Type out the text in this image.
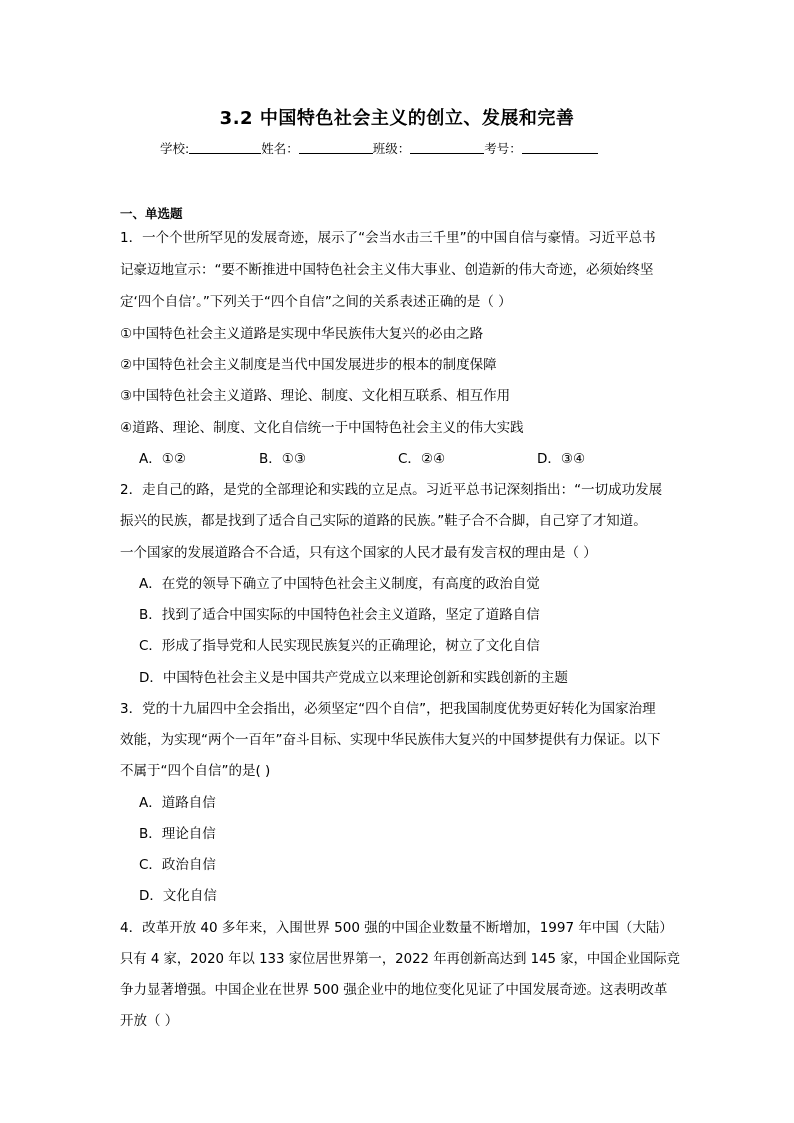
3.2 中国特色社会主义的创立、发展和完善
学校:	姓名：	班级：	考号：
一、单选题
1．一个个世所罕见的发展奇迹，展示了“会当水击三千里”的中国自信与豪情。习近平总书
记豪迈地宣示：“要不断推进中国特色社会主义伟大事业、创造新的伟大奇迹，必须始终坚
定‘四个自信’。”下列关于“四个自信”之间的关系表述正确的是（ ）
①中国特色社会主义道路是实现中华民族伟大复兴的必由之路
②中国特色社会主义制度是当代中国发展进步的根本的制度保障
③中国特色社会主义道路、理论、制度、文化相互联系、相互作用
④道路、理论、制度、文化自信统一于中国特色社会主义的伟大实践
A．①②	B．①③	C．②④	D．③④
2．走自己的路，是党的全部理论和实践的立足点。习近平总书记深刻指出：“一切成功发展
振兴的民族，都是找到了适合自己实际的道路的民族。”鞋子合不合脚，自己穿了才知道。
一个国家的发展道路合不合适，只有这个国家的人民才最有发言权的理由是（ ）
A．在党的领导下确立了中国特色社会主义制度，有高度的政治自觉
B．找到了适合中国实际的中国特色社会主义道路，坚定了道路自信
C．形成了指导党和人民实现民族复兴的正确理论，树立了文化自信
D．中国特色社会主义是中国共产党成立以来理论创新和实践创新的主题
3．党的十九届四中全会指出，必须坚定“四个自信”，把我国制度优势更好转化为国家治理
效能，为实现“两个一百年”奋斗目标、实现中华民族伟大复兴的中国梦提供有力保证。以下
不属于“四个自信”的是( )
A．道路自信
B．理论自信
C．政治自信
D．文化自信
4．改革开放 40 多年来，入围世界 500 强的中国企业数量不断增加，1997 年中国（大陆）
只有 4 家，2020 年以 133 家位居世界第一，2022 年再创新高达到 145 家，中国企业国际竞
争力显著增强。中国企业在世界 500 强企业中的地位变化见证了中国发展奇迹。这表明改革
开放（ ）
